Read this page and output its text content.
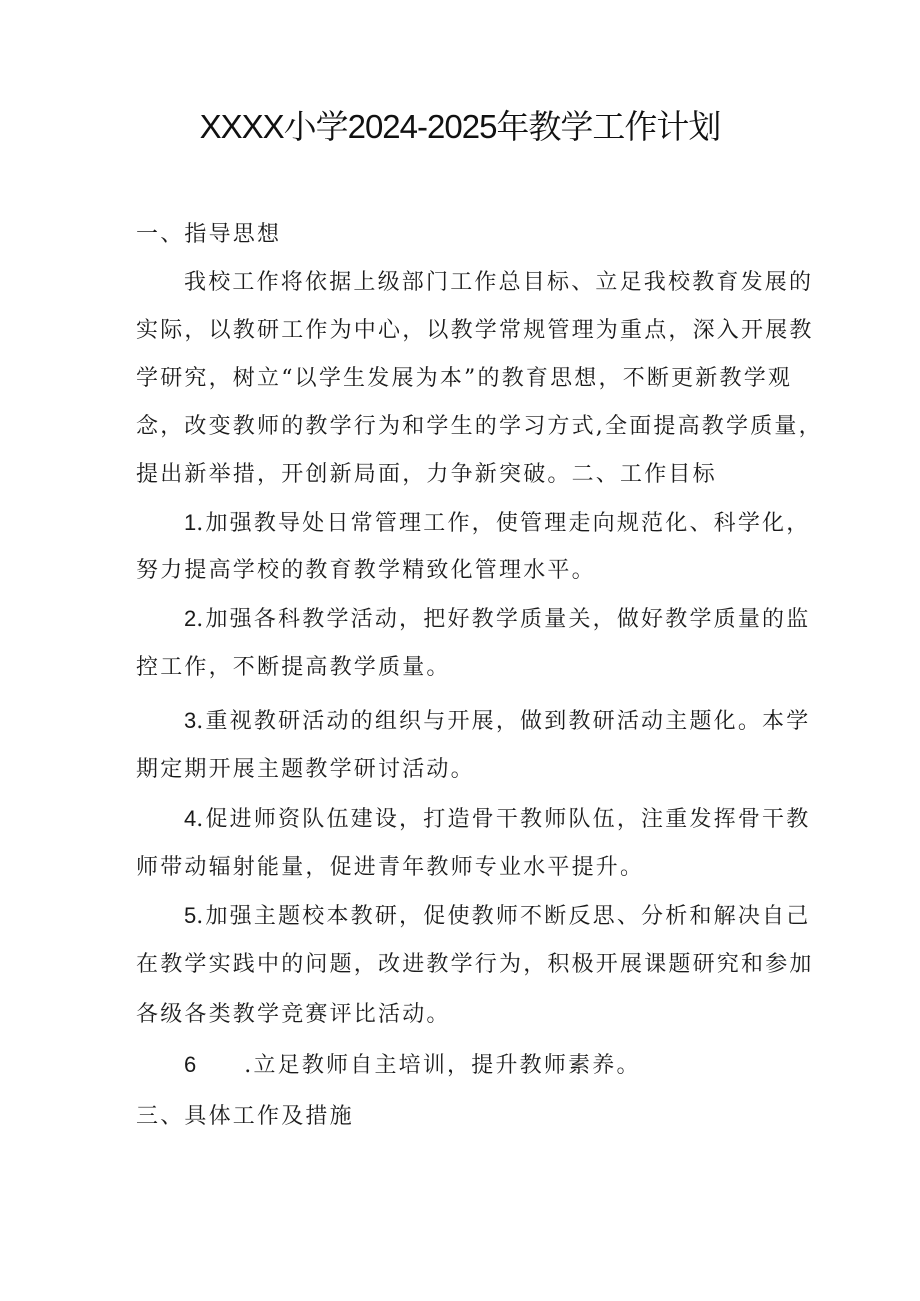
XXXX小学2024-2025年教学工作计划
一、指导思想
我校工作将依据上级部门工作总目标、立足我校教育发展的
实际，以教研工作为中心，以教学常规管理为重点，深入开展教
学研究，树立“以学生发展为本”的教育思想，不断更新教学观
念，改变教师的教学行为和学生的学习方式,全面提高教学质量，
提出新举措，开创新局面，力争新突破。二、工作目标
1.加强教导处日常管理工作，使管理走向规范化、科学化，
努力提高学校的教育教学精致化管理水平。
2.加强各科教学活动，把好教学质量关，做好教学质量的监
控工作，不断提高教学质量。
3.重视教研活动的组织与开展，做到教研活动主题化。本学
期定期开展主题教学研讨活动。
4.促进师资队伍建设，打造骨干教师队伍，注重发挥骨干教
师带动辐射能量，促进青年教师专业水平提升。
5.加强主题校本教研，促使教师不断反思、分析和解决自己
在教学实践中的问题，改进教学行为，积极开展课题研究和参加
各级各类教学竞赛评比活动。
6 .立足教师自主培训，提升教师素养。
三、具体工作及措施
